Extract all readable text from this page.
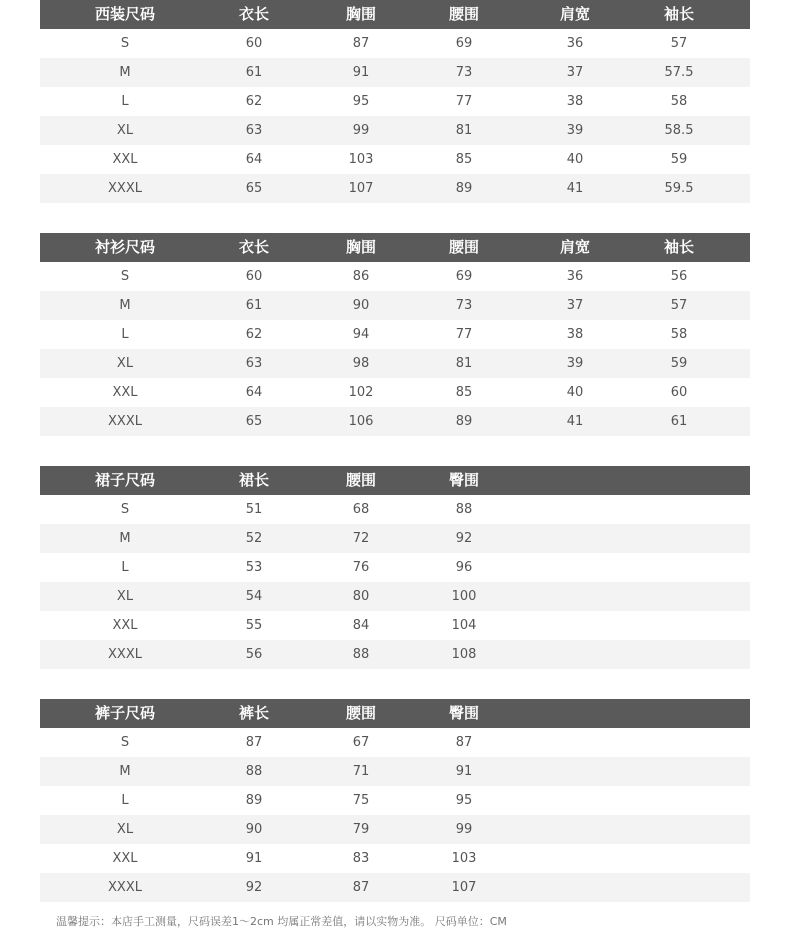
西装尺码	衣长	胸围	腰围	肩宽	袖长
S	60	87	69	36	57
M	61	91	73	37	57.5
L	62	95	77	38	58
XL	63	99	81	39	58.5
XXL	64	103	85	40	59
XXXL	65	107	89	41	59.5
衬衫尺码	衣长	胸围	腰围	肩宽	袖长
S	60	86	69	36	56
M	61	90	73	37	57
L	62	94	77	38	58
XL	63	98	81	39	59
XXL	64	102	85	40	60
XXXL	65	106	89	41	61
裙子尺码	裙长	腰围	臀围
S	51	68	88
M	52	72	92
L	53	76	96
XL	54	80	100
XXL	55	84	104
XXXL	56	88	108
裤子尺码	裤长	腰围	臀围
S	87	67	87
M	88	71	91
L	89	75	95
XL	90	79	99
XXL	91	83	103
XXXL	92	87	107
温馨提示：本店手工测量，尺码误差1～2cm 均属正常差值，请以实物为准。 尺码单位：CM
